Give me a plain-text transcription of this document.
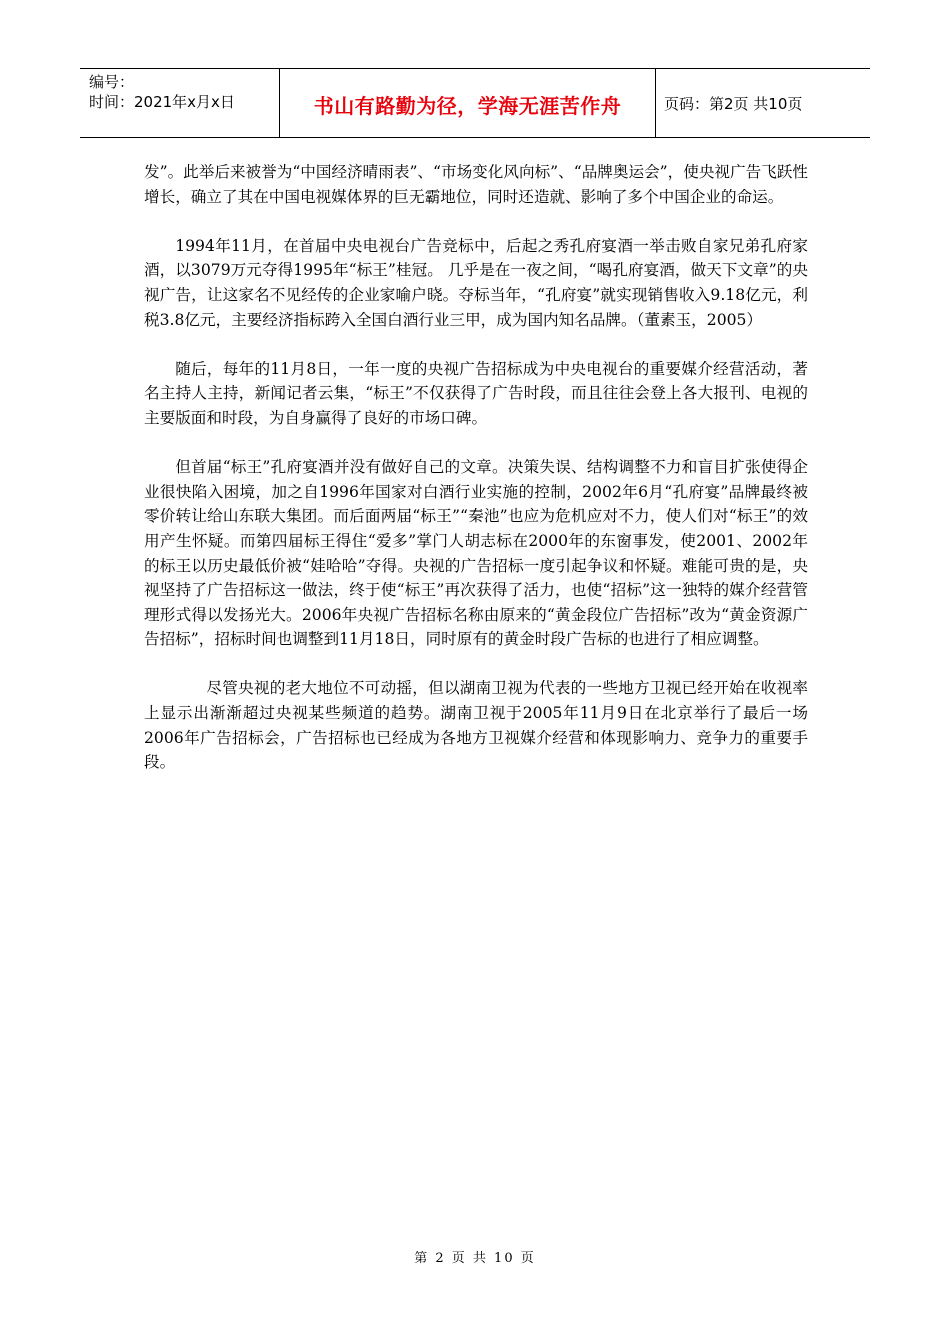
编号：
时间：2021年x月x日	书山有路勤为径，学海无涯苦作舟	页码：第2页 共10页

发”。此举后来被誉为“中国经济晴雨表”、“市场变化风向标”、“品牌奥运会”，使央视广告飞跃性增长，确立了其在中国电视媒体界的巨无霸地位，同时还造就、影响了多个中国企业的命运。

1994年11月，在首届中央电视台广告竞标中，后起之秀孔府宴酒一举击败自家兄弟孔府家酒，以3079万元夺得1995年“标王”桂冠。 几乎是在一夜之间，“喝孔府宴酒，做天下文章”的央视广告，让这家名不见经传的企业家喻户晓。夺标当年，“孔府宴”就实现销售收入9.18亿元，利税3.8亿元，主要经济指标跨入全国白酒行业三甲，成为国内知名品牌。（董素玉，2005）

随后，每年的11月8日，一年一度的央视广告招标成为中央电视台的重要媒介经营活动，著名主持人主持，新闻记者云集，“标王”不仅获得了广告时段，而且往往会登上各大报刊、电视的主要版面和时段，为自身赢得了良好的市场口碑。

但首届“标王”孔府宴酒并没有做好自己的文章。决策失误、结构调整不力和盲目扩张使得企业很快陷入困境，加之自1996年国家对白酒行业实施的控制，2002年6月“孔府宴”品牌最终被零价转让给山东联大集团。而后面两届“标王”“秦池”也应为危机应对不力，使人们对“标王”的效用产生怀疑。而第四届标王得住“爱多”掌门人胡志标在2000年的东窗事发，使2001、2002年的标王以历史最低价被“娃哈哈”夺得。央视的广告招标一度引起争议和怀疑。难能可贵的是，央视坚持了广告招标这一做法，终于使“标王”再次获得了活力，也使“招标”这一独特的媒介经营管理形式得以发扬光大。2006年央视广告招标名称由原来的“黄金段位广告招标”改为“黄金资源广告招标”，招标时间也调整到11月18日，同时原有的黄金时段广告标的也进行了相应调整。

尽管央视的老大地位不可动摇，但以湖南卫视为代表的一些地方卫视已经开始在收视率上显示出渐渐超过央视某些频道的趋势。湖南卫视于2005年11月9日在北京举行了最后一场2006年广告招标会，广告招标也已经成为各地方卫视媒介经营和体现影响力、竞争力的重要手段。

第 2 页 共 10 页
